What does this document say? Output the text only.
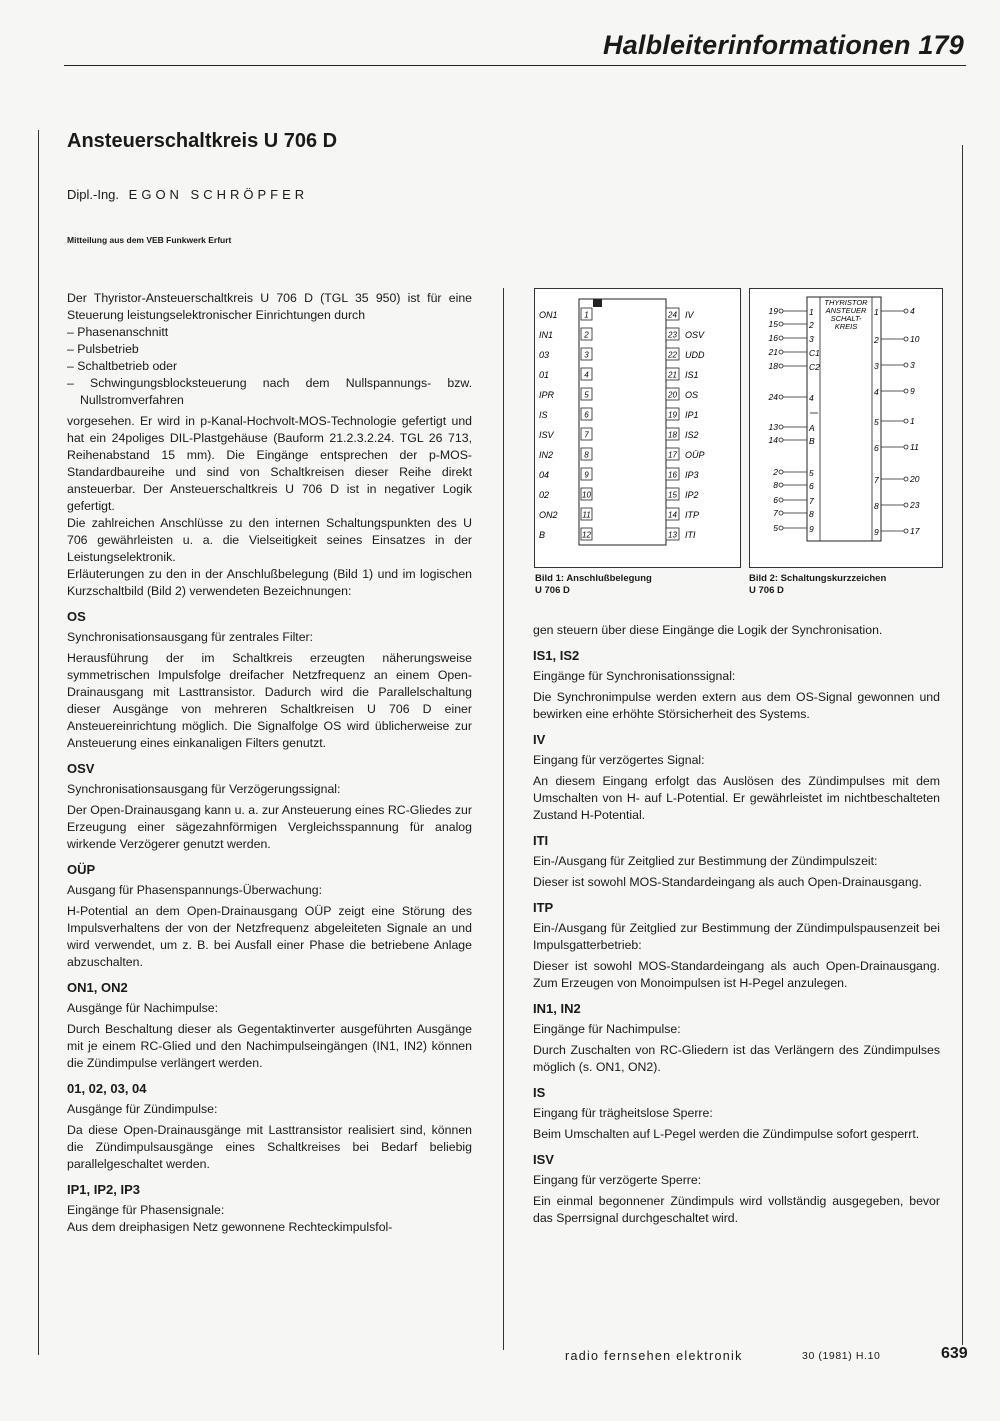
Halbleiterinformationen 179
Ansteuerschaltkreis U 706 D
Dipl.-Ing. EGON SCHRÖPFER
Mitteilung aus dem VEB Funkwerk Erfurt

Der Thyristor-Ansteuerschaltkreis U 706 D (TGL 35 950) ist für eine Steuerung leistungselektronischer Einrichtungen durch

– Phasenanschnitt
– Pulsbetrieb
– Schaltbetrieb oder
– Schwingungsblocksteuerung nach dem Nullspannungs- bzw. Nullstromverfahren

vorgesehen. Er wird in p-Kanal-Hochvolt-MOS-Technologie gefertigt und hat ein 24poliges DIL-Plastgehäuse (Bauform 21.2.3.2.24. TGL 26 713, Reihenabstand 15 mm). Die Eingänge entsprechen der p-MOS-Standardbaureihe und sind von Schaltkreisen dieser Reihe direkt ansteuerbar. Der Ansteuerschaltkreis U 706 D ist in negativer Logik gefertigt.

Die zahlreichen Anschlüsse zu den internen Schaltungspunkten des U 706 gewährleisten u. a. die Vielseitigkeit seines Einsatzes in der Leistungselektronik.

Erläuterungen zu den in der Anschlußbelegung (Bild 1) und im logischen Kurzschaltbild (Bild 2) verwendeten Bezeichnungen:

OS

Synchronisationsausgang für zentrales Filter:

Herausführung der im Schaltkreis erzeugten näherungsweise symmetrischen Impulsfolge dreifacher Netzfrequenz an einem Open-Drainausgang mit Lasttransistor. Dadurch wird die Parallelschaltung dieser Ausgänge von mehreren Schaltkreisen U 706 D einer Ansteuereinrichtung möglich. Die Signalfolge OS wird üblicherweise zur Ansteuerung eines einkanaligen Filters genutzt.

OSV

Synchronisationsausgang für Verzögerungssignal:

Der Open-Drainausgang kann u. a. zur Ansteuerung eines RC-Gliedes zur Erzeugung einer sägezahnförmigen Vergleichsspannung für analog wirkende Verzögerer genutzt werden.

OÜP

Ausgang für Phasenspannungs-Überwachung:

H-Potential an dem Open-Drainausgang OÜP zeigt eine Störung des Impulsverhaltens der von der Netzfrequenz abgeleiteten Signale an und wird verwendet, um z. B. bei Ausfall einer Phase die betriebene Anlage abzuschalten.

ON1, ON2

Ausgänge für Nachimpulse:

Durch Beschaltung dieser als Gegentaktinverter ausgeführten Ausgänge mit je einem RC-Glied und den Nachimpulseingängen (IN1, IN2) können die Zündimpulse verlängert werden.

01, 02, 03, 04

Ausgänge für Zündimpulse:

Da diese Open-Drainausgänge mit Lasttransistor realisiert sind, können die Zündimpulsausgänge eines Schaltkreises bei Bedarf beliebig parallelgeschaltet werden.

IP1, IP2, IP3

Eingänge für Phasensignale:

Aus dem dreiphasigen Netz gewonnene Rechteckimpulsfol-

ON1	1
IN1	2
03	3
01	4
IPR	5
IS	6
ISV	7
IN2	8
04	9
02	10
ON2	11
B	12
24 IV
23 OSV
22 UDD
21 IS1
20 OS
19 IP1
18 IS2
17 OÜP
16 IP3
15 IP2
14 ITP
13 ITI
Bild 1: Anschlußbelegung
U 706 D
THYRISTOR
ANSTEUER
SCHALT-
KREIS
19	1
15	2
16	3
21	C1
18	C2
24	4
13	A
14	B
2	5
8	6
6	7
7	8
5	9
1	4
2	10
3	3
4	9
5	1
6	11
7	20
8	23
9	17
Bild 2: Schaltungskurzzeichen
U 706 D

gen steuern über diese Eingänge die Logik der Synchronisation.

IS1, IS2

Eingänge für Synchronisationssignal:

Die Synchronimpulse werden extern aus dem OS-Signal gewonnen und bewirken eine erhöhte Störsicherheit des Systems.

IV

Eingang für verzögertes Signal:

An diesem Eingang erfolgt das Auslösen des Zündimpulses mit dem Umschalten von H- auf L-Potential. Er gewährleistet im nichtbeschalteten Zustand H-Potential.

ITI

Ein-/Ausgang für Zeitglied zur Bestimmung der Zündimpulszeit:

Dieser ist sowohl MOS-Standardeingang als auch Open-Drainausgang.

ITP

Ein-/Ausgang für Zeitglied zur Bestimmung der Zündimpulspausenzeit bei Impulsgatterbetrieb:

Dieser ist sowohl MOS-Standardeingang als auch Open-Drainausgang. Zum Erzeugen von Monoimpulsen ist H-Pegel anzulegen.

IN1, IN2

Eingänge für Nachimpulse:

Durch Zuschalten von RC-Gliedern ist das Verlängern des Zündimpulses möglich (s. ON1, ON2).

IS

Eingang für trägheitslose Sperre:

Beim Umschalten auf L-Pegel werden die Zündimpulse sofort gesperrt.

ISV

Eingang für verzögerte Sperre:

Ein einmal begonnener Zündimpuls wird vollständig ausgegeben, bevor das Sperrsignal durchgeschaltet wird.

radio fernsehen elektronik	30 (1981) H.10	639
